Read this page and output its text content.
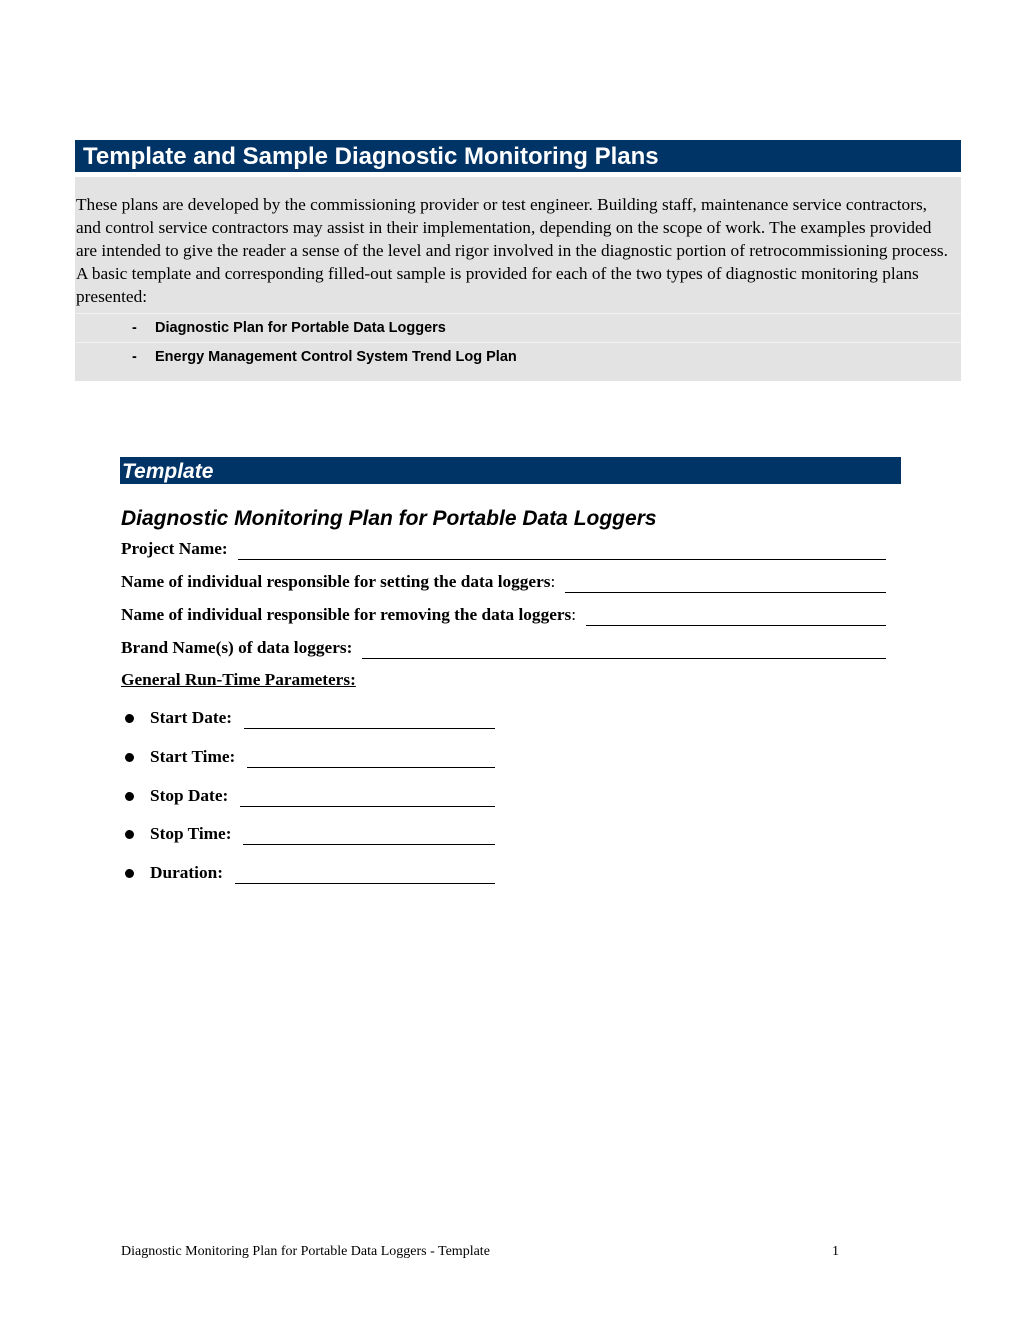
Template and Sample Diagnostic Monitoring Plans

These plans are developed by the commissioning provider or test engineer. Building staff, maintenance service contractors, and control service contractors may assist in their implementation, depending on the scope of work. The examples provided are intended to give the reader a sense of the level and rigor involved in the diagnostic portion of retrocommissioning process. A basic template and corresponding filled-out sample is provided for each of the two types of diagnostic monitoring plans presented:

- Diagnostic Plan for Portable Data Loggers
- Energy Management Control System Trend Log Plan
Template
Diagnostic Monitoring Plan for Portable Data Loggers
Project Name:
Name of individual responsible for setting the data loggers :
Name of individual responsible for removing the data loggers :
Brand Name(s) of data loggers:

General Run-Time Parameters:

Start Date:
Start Time:
Stop Date:
Stop Time:
Duration:
Diagnostic Monitoring Plan for Portable Data Loggers - Template	1
